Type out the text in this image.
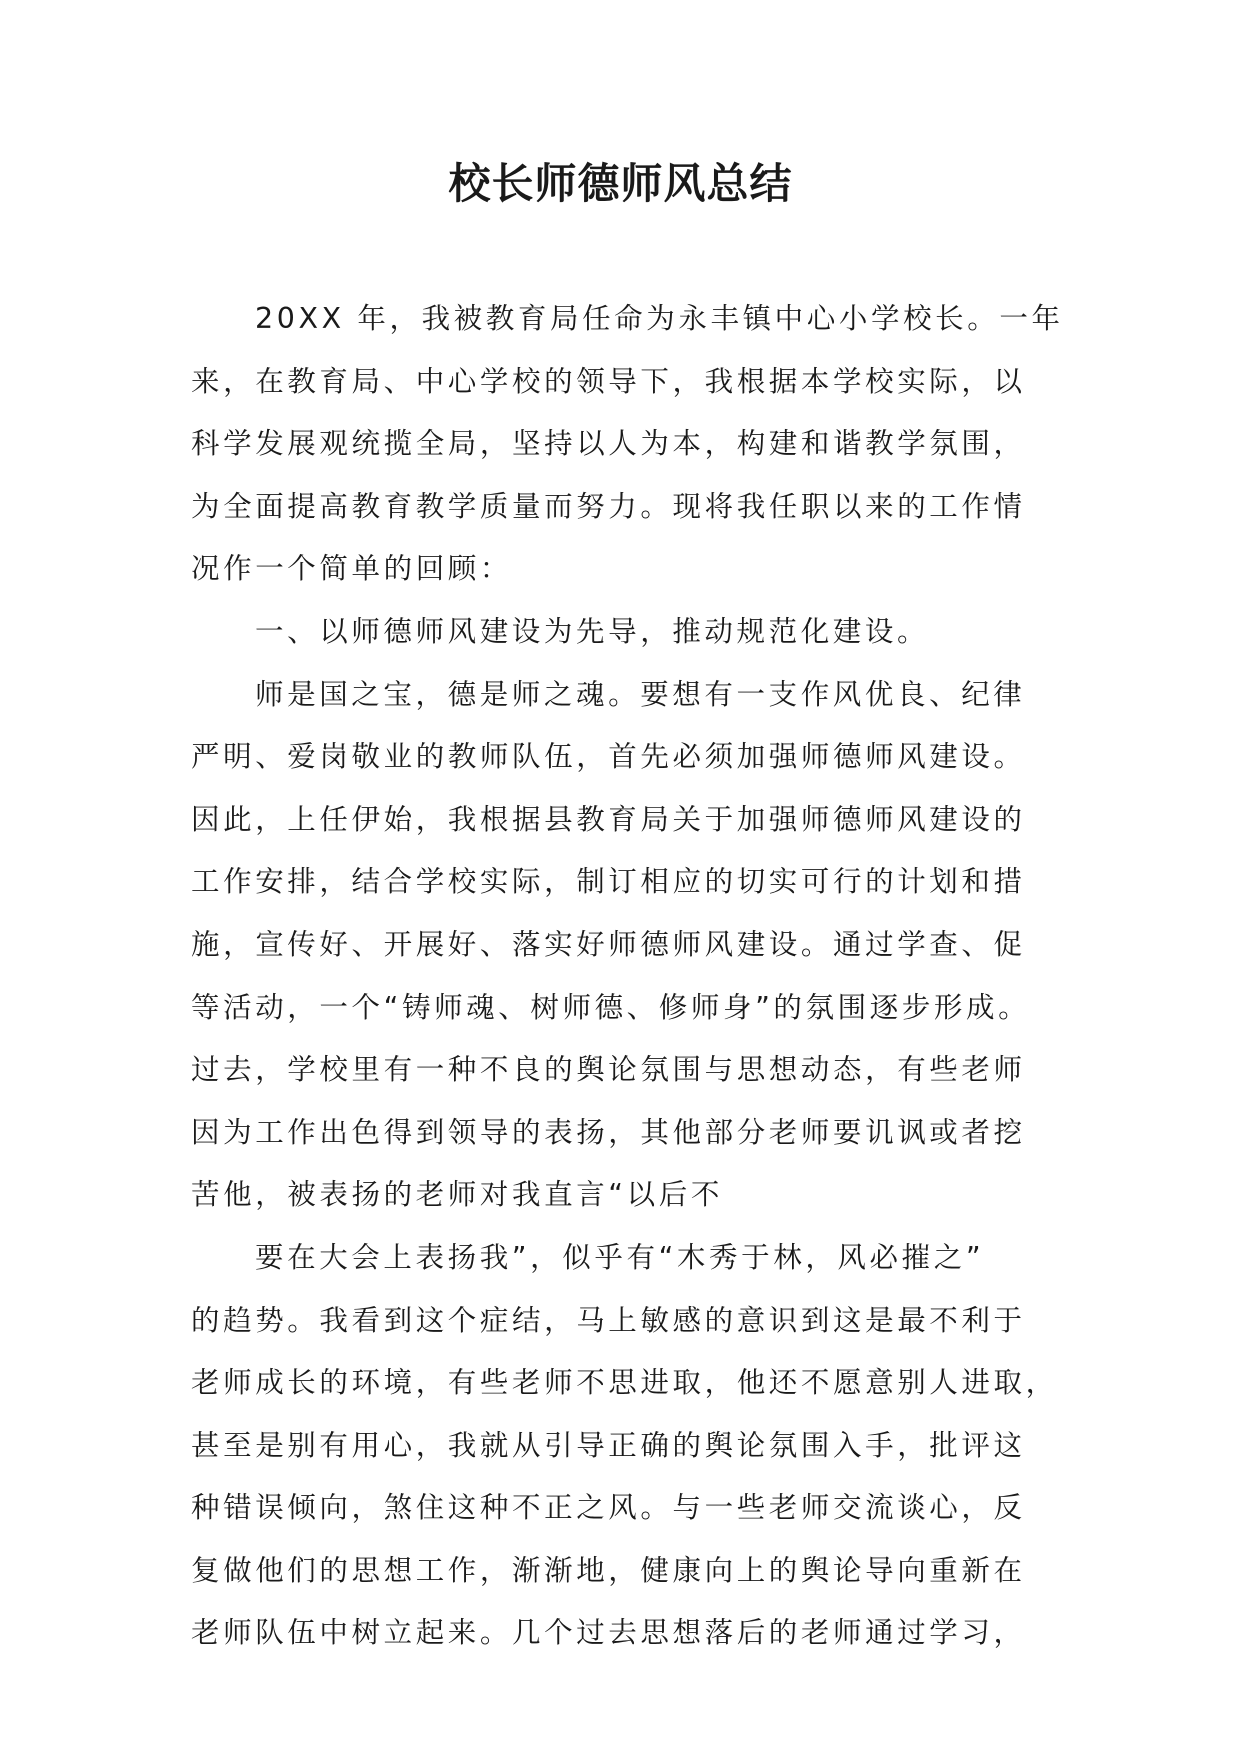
校长师德师风总结

20XX 年，我被教育局任命为永丰镇中心小学校长。一年
来，在教育局、中心学校的领导下，我根据本学校实际，以
科学发展观统揽全局，坚持以人为本，构建和谐教学氛围，
为全面提高教育教学质量而努力。现将我任职以来的工作情
况作一个简单的回顾：

一、以师德师风建设为先导，推动规范化建设。

师是国之宝，德是师之魂。要想有一支作风优良、纪律
严明、爱岗敬业的教师队伍，首先必须加强师德师风建设。
因此，上任伊始，我根据县教育局关于加强师德师风建设的
工作安排，结合学校实际，制订相应的切实可行的计划和措
施，宣传好、开展好、落实好师德师风建设。通过学查、促
等活动，一个“铸师魂、树师德、修师身”的氛围逐步形成。
过去，学校里有一种不良的舆论氛围与思想动态，有些老师
因为工作出色得到领导的表扬，其他部分老师要讥讽或者挖
苦他，被表扬的老师对我直言“以后不

要在大会上表扬我”，似乎有“木秀于林，风必摧之”
的趋势。我看到这个症结，马上敏感的意识到这是最不利于
老师成长的环境，有些老师不思进取，他还不愿意别人进取，
甚至是别有用心，我就从引导正确的舆论氛围入手，批评这
种错误倾向，煞住这种不正之风。与一些老师交流谈心，反
复做他们的思想工作，渐渐地，健康向上的舆论导向重新在
老师队伍中树立起来。几个过去思想落后的老师通过学习，
